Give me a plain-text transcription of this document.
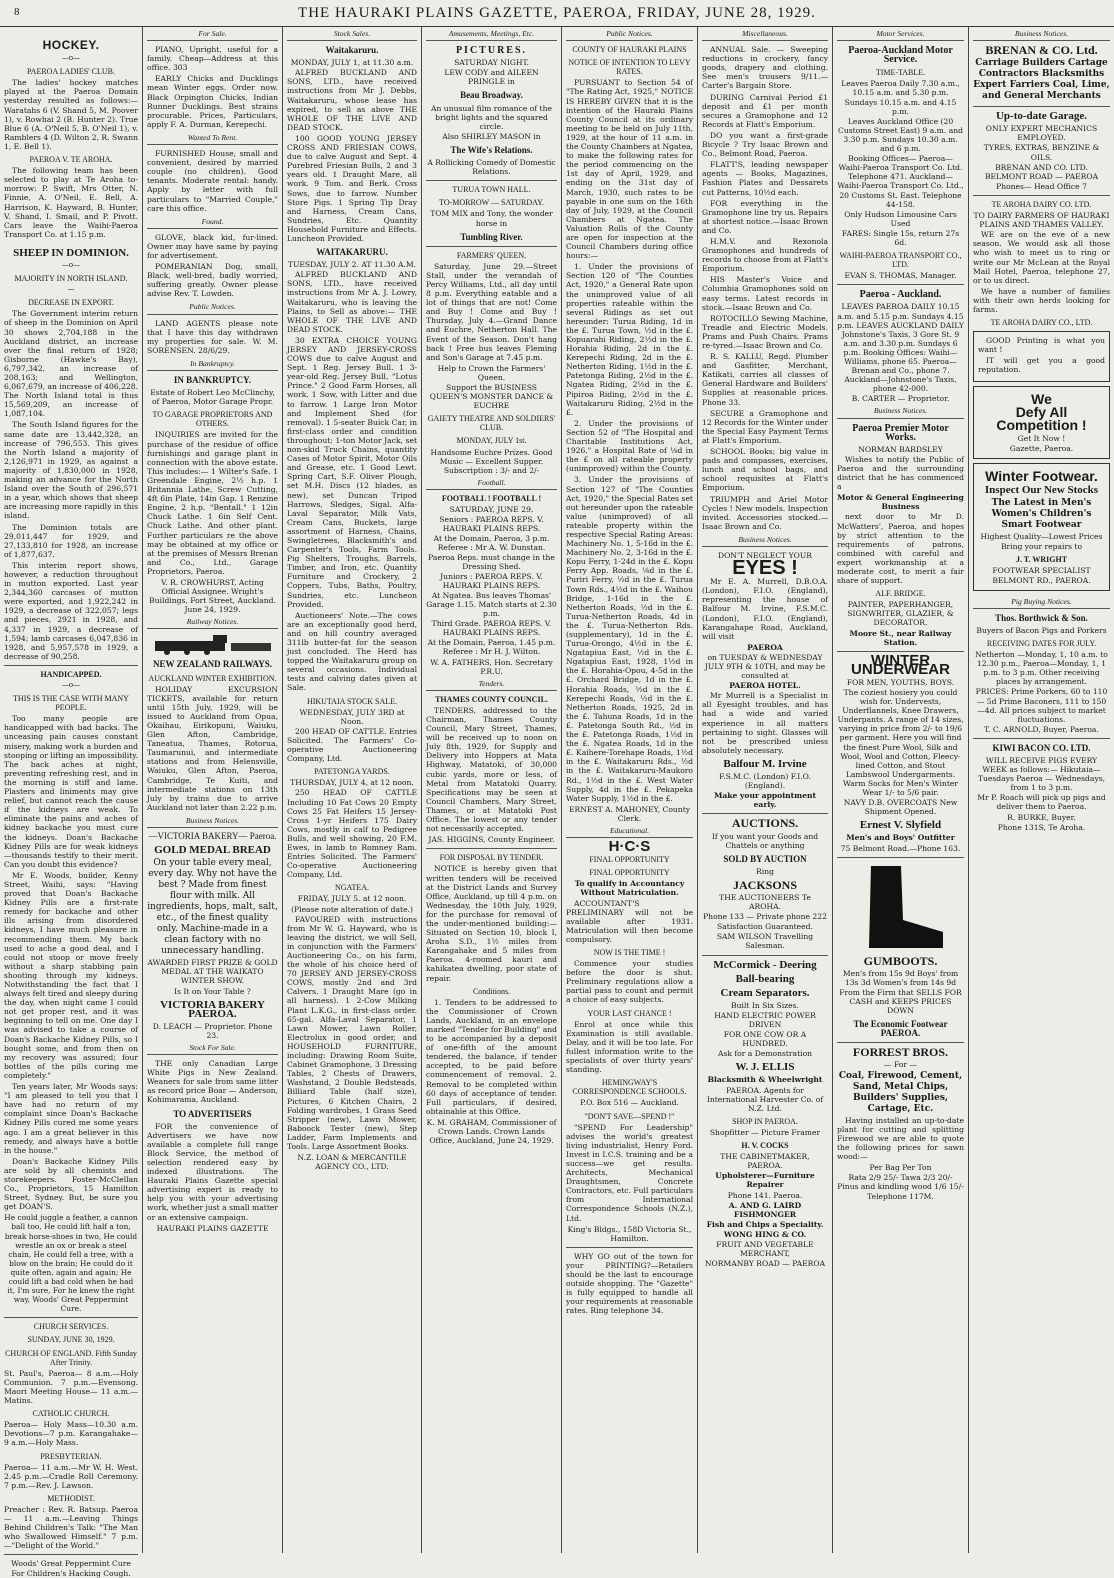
8	THE HAURAKI PLAINS GAZETTE, PAEROA, FRIDAY, JUNE 28, 1929.
HOCKEY.
—o—
PAEROA LADIES' CLUB.

The ladies' hockey matches played at the Paeroa Domain yesterday resulted as follows:— Waratahs 6 (V. Shand 5, M. Poover 1), v. Rowhai 2 (B. Hunter 2). True Blue 6 (A. O'Neil 5, B. O'Neil 1), v. Ramblers 4 (D. Wilton 2, R. Swann 1, E. Bell 1).

PAEROA V. TE AROHA.

The following team has been selected to play at Te Aroha to-morrow: P. Swift, Mrs Otter, N. Finnie, A. O'Neil, E. Bell, A. Harrison, K. Hayward, B. Hunter, V. Shand, I. Smail, and P. Pivott. Cars leave the Waihi-Paeroa Transport Co. at 1.15 p.m.

SHEEP IN DOMINION.
—o—
MAJORITY IN NORTH ISLAND.
—
DECREASE IN EXPORT.

The Government interim return of sheep in the Dominion on April 30 shows 2,704,188 in the Auckland district, an increase over the final return of 1928; Gisborne (Hawke's Bay), 6,797,342, an increase of 208,163; and Wellington, 6,067,679, an increase of 406,228. The North Island total is thus 15,569,209, an increase of 1,087,104.

The South Island figures for the same date are 13,442,328, an increase of 796,553. This gives the North Island a majority of 2,126,971 in 1929, as against a majority of 1,830,000 in 1928, making an advance for the North Island over the South of 296,571 in a year, which shows that sheep are increasing more rapidly in this island.

The Dominion totals are 29,011,447 for 1929, and 27,133,810 for 1928, an increase of 1,877,637.

This interim report shows, however, a reduction throughout in mutton exported. Last year 2,344,360 carcases of mutton were exported, and 1,922,242 in 1929, a decrease of 322,057; legs and pieces, 2921 in 1928, and 4,337 in 1929, a decrease of 1,594; lamb carcases 6,047,836 in 1928, and 5,957,578 in 1929, a decrease of 90,258.

HANDICAPPED.
—o—
THIS IS THE CASE WITH MANY PEOPLE.

Too many people are handicapped with bad backs. The unceasing pain causes constant misery, making work a burden and stooping or lifting an impossibility. The back aches at night, preventing refreshing rest, and in the morning is stiff and lame. Plasters and liniments may give relief, but cannot reach the cause if the kidneys are weak. To eliminate the pains and aches of kidney backache you must cure the kidneys. Doan's Backache Kidney Pills are for weak kidneys—thousands testify to their merit. Can you doubt this evidence?

Mr E. Woods, builder, Kenny Street, Waihi, says: "Having proved that Doan's Backache Kidney Pills are a first-rate remedy for backache and other ills arising from disordered kidneys, I have much pleasure in recommending them. My back used to ache a good deal, and I could not stoop or move freely without a sharp stabbing pain shooting through my kidneys. Notwithstanding the fact that I always felt tired and sleepy during the day, when night came I could not get proper rest, and it was beginning to tell on me. One day I was advised to take a course of Doan's Backache Kidney Pills, so I bought some, and from then on my recovery was assured; four bottles of the pills curing me completely."

Ten years later, Mr Woods says: "I am pleased to tell you that I have had no return of my complaint since Doan's Backache Kidney Pills cured me some years ago. I am a great believer in this remedy, and always have a bottle in the house."

Doan's Backache Kidney Pills are sold by all chemists and storekeepers. Foster-McClellan Co., Proprietors, 15 Hamilton Street, Sydney. But, be sure you get DOAN'S.

He could juggle a feather, a cannon ball too, He could lift half a ton, break horse-shoes in two, He could wrestle an ox or break a steel chain, He could fell a tree, with a blow on the brain; He could do it quite often, again and again; He could lift a bad cold when he had it, I'm sure, For he knew the right way, Woods' Great Peppermint Cure.

CHURCH SERVICES.
SUNDAY, JUNE 30, 1929.
CHURCH OF ENGLAND. Fifth Sunday After Trinity.

St. Paul's, Paeroa— 8 a.m.—Holy Communion. 7 p.m.—Evensong. Maori Meeting House— 11 a.m.—Matins.

CATHOLIC CHURCH.

Paeroa— Holy Mass—10.30 a.m. Devotions—7 p.m. Karangahake— 9 a.m.—Holy Mass.

PRESBYTERIAN.

Paeroa— 11 a.m.—Mr W. H. West. 2.45 p.m.—Cradle Roll Ceremony. 7 p.m.—Rev. J. Lawson.

METHODIST.

Preacher : Rev. R. Batsup. Paeroa— 11 a.m.—Leaving Things Behind Children's Talk: "The Man who Swallowed Himself." 7 p.m.—"Delight of the World."

Woods' Great Peppermint Cure For Children's Hacking Cough.

For Sale.

PIANO, Upright, useful for a family. Cheap—Address at this office. 303

EARLY Chicks and Ducklings mean Winter eggs. Order now. Black Orpington Chicks, Indian Runner Ducklings. Best strains procurable. Prices, Particulars, apply F. A. Durman, Kerepechi.

Wanted To Rent.

FURNISHED House, small and convenient, desired by married couple (no children). Good tenants. Moderate rental: handy. Apply by letter with full particulars to "Married Couple," care this office.

Found.

GLOVE, black kid, fur-lined. Owner may have same by paying for advertisement.

POMERANIAN Dog, small, Black, well-bred, badly worried, suffering greatly. Owner please advise Rev. T. Lowden.

Public Notices.

LAND AGENTS please note that I have this day withdrawn my properties for sale. W. M. SORENSEN. 28/6/29.

In Bankruptcy.
IN BANKRUPTCY.

Estate of Robert Leo McClinchy, of Paeroa, Motor Garage Propr.

TO GARAGE PROPRIETORS AND OTHERS.

INQUIRIES are invited for the purchase of the residue of office furnishings and garage plant in connection with the above estate. This includes:— 1 Wilter's Safe. 1 Greendale Engine, 2½ h.p. 1 Britannia Lathe, Screw Cutting, 4ft 6in Plate, 14in Gap. 1 Renzine Engine, 2 h.p. "Bentall." 1 12in Chuck Lathe. 1 6in Self Cent. Chuck Lathe. And other plant. Further particulars re the above may be obtained at my office or at the premises of Messrs Brenan and Co., Ltd., Garage Proprietors, Paeroa.

V. R. CROWHURST, Acting Official Assignee. Wright's Buildings, Fort Street, Auckland. June 24, 1929.

Railway Notices.
NEW ZEALAND RAILWAYS.
AUCKLAND WINTER EXHIBITION.

HOLIDAY EXCURSION TICKETS, available for return until 15th July, 1929, will be issued to Auckland from Opua, Okaihau, Eirikopuni, Waiuku, Glen Afton, Cambridge, Taneatua, Thames, Rotorua, Taumarunui, and intermediate stations and from Helensville, Waiuku, Glen Afton, Paeroa, Cambridge, Te Kuiti, and intermediate stations on 13th July by trains due to arrive Auckland not later than 2.22 p.m.

Business Notices.
—VICTORIA BAKERY— Paeroa.
GOLD MEDAL BREAD

On your table every meal, every day. Why not have the best ? Made from finest flour with milk. All ingredients, hops, malt, salt, etc., of the finest quality only. Machine-made in a clean factory with no unnecessary handling.

AWARDED FIRST PRIZE & GOLD MEDAL AT THE WAIKATO WINTER SHOW.

Is It on Your Table ?

VICTORIA BAKERY PAEROA.

D. LEACH — Proprietor. Phone 23.

Stock For Sale.

THE only Canadian Large White Pigs in New Zealand. Weaners for sale from same litter as record price Boar — Anderson, Kohimarama, Auckland.

TO ADVERTISERS

FOR the convenience of Advertisers we have now available a complete full range Block Service, the method of selection rendered easy by indexed illustrations. The Hauraki Plains Gazette special advertising expert is ready to help you with your advertising work, whether just a small matter or an extensive campaign.

HAURAKI PLAINS GAZETTE

Stock Sales.
Waitakaruru.

MONDAY, JULY 1, at 11.30 a.m.

ALFRED BUCKLAND AND SONS, LTD., have received instructions from Mr J. Debbs, Waitakaruru, whose lease has expired, to sell as above THE WHOLE OF THE LIVE AND DEAD STOCK.

100 GOOD YOUNG JERSEY CROSS AND FRIESIAN COWS, due to calve August and Sept. 4 Purebred Friesian Bulls, 2 and 3 years old. 1 Draught Mare, all work. 9 Tom. and Berk. Cross Sows, due to farrow. Number Store Pigs. 1 Spring Tip Dray and Harness, Cream Cans, Sundries, Etc. Quantity Household Furniture and Effects. Luncheon Provided.

WAITAKARURU.

TUESDAY, JULY 2. AT 11.30 A.M.

ALFRED BUCKLAND AND SONS, LTD., have received instructions from Mr A. J. Lowry, Waitakaruru, who is leaving the Plains, to Sell as above:— THE WHOLE OF THE LIVE AND DEAD STOCK.

30 EXTRA CHOICE YOUNG JERSEY AND JERSEY-CROSS COWS due to calve August and Sept. 1 Reg. Jersey Bull. 1 3-year-old Reg. Jersey Bull, "Lotus Prince." 2 Good Farm Horses, all work. 1 Sow, with Litter and due to farrow. 1 Large Iron Motor and Implement Shed (for removal). 1 5-seater Buick Car, in first-class order and condition throughout; 1-ton Motor Jack, set non-skid Truck Chains, quantity Cases of Motor Spirit, Motor Oils and Grease, etc. 1 Good Lewt. Spring Cart, S.F. Oliver Plough, set M.H. Discs (12 blades, as new), set Duncan Tripod Harrows, Sledges, Sigal. Alfa-Laval Separator, Milk Vats, Cream Cans, Buckets, large assortment of Harness, Chains, Swingletrees, Blacksmith's and Carpenter's Tools, Farm Tools. Pig Shelters, Troughs, Barrels, Timber, and Iron, etc. Quantity Furniture and Crockery, 2 Coppers, Tubs, Baths, Poultry, Sundries, etc. Luncheon Provided.

Auctioneers' Note.—The cows are an exceptionally good herd, and on hill country averaged 311lb butter-fat for the season just concluded. The Herd has topped the Waitakaruru group on several occasions. Individual tests and calving dates given at Sale.

HIKUTAIA STOCK SALE.

WEDNESDAY, JULY 3RD at Noon.

200 HEAD OF CATTLE. Entries Solicited. The Farmers' Co-operative Auctioneering Company, Ltd.

PATETONGA YARDS.

THURSDAY, JULY 4, at 12 noon.

250 HEAD OF CATTLE Including 10 Fat Cows 20 Empty Cows 25 Fat Heifers 15 Jersey-Cross 1-yr Heifers 175 Dairy Cows, mostly in calf to Pedigree Bulls, and well showing. 20 F.M. Ewes, in lamb to Romney Ram. Entries Solicited. The Farmers' Co-operative Auctioneering Company, Ltd.

NGATEA.

FRIDAY, JULY 5. at 12 noon.

(Please note alteration of date.)

FAVOURED with instructions from Mr W. G. Hayward, who is leaving the district, we will Sell, in conjunction with the Farmers' Auctioneering Co., on his farm, the whole of his choice herd of 70 JERSEY AND JERSEY-CROSS COWS, mostly 2nd and 3rd Calvers. 1 Draught Mare (go in all harness). 1 2-Cow Milking Plant L.K.G., in first-class order. 65-gal. Alfa-Laval Separator, 1 Lawn Mower, Lawn Roller, Electrolux in good order, and HOUSEHOLD FURNITURE, including: Drawing Room Suite, Cabinet Gramophone, 3 Dressing Tables, 2 Chests of Drawers, Washstand, 2 Double Bedsteads, Billiard Table (half size), Pictures, 6 Kitchen Chairs, 2 Folding wardrobes, 1 Grass Seed Stripper (new), Lawn Mower, Baboock Tester (new), Step Ladder, Farm Implements and Tools. Large Assortment Books.

N.Z. LOAN & MERCANTILE AGENCY CO., LTD.

Amusements, Meetings, Etc.
PICTURES.

SATURDAY NIGHT.

LEW CODY and AILEEN PRINGLE in

Beau Broadway.

An unusual film romance of the bright lights and the squared circle.

Also SHIRLEY MASON in

The Wife's Relations.

A Rollicking Comedy of Domestic Relations.

TURUA TOWN HALL.
TO-MORROW — SATURDAY.

TOM MIX and Tony, the wonder horse in

Tumbling River.
FARMERS' QUEEN.

Saturday, June 29.—Street Stall, under the verandah of Percy Williams, Ltd., all day until 8 p.m. Everything eatable and a lot of things that are not! Come and Buy ! Come and Buy ! Thursday, July 4.—Grand Dance and Euchre, Netherton Hall. The Event of the Season. Don't hang back ! Free bus leaves Fleming and Son's Garage at 7.45 p.m.

Help to Crown the Farmers' Queen.

Support the BUSINESS QUEEN'S MONSTER DANCE & EUCHRE

GAIETY THEATRE AND SOLDIERS' CLUB.
MONDAY, JULY 1st.

Handsome Euchre Prizes. Good Music — Excellent Supper. Subscription : 3/- and 2/-

Football.
FOOTBALL ! FOOTBALL !

SATURDAY, JUNE 29.

Seniors : PAEROA REPS. V. HAURAKI PLAINS REPS.

At the Domain, Paeroa, 3 p.m. Referee : Mr A. W. Dunstan. Paeroa Reps. must change in the Dressing Shed.

Juniors : PAEROA REPS. V. HAURAKI PLAINS REPS.

At Ngatea. Bus leaves Thomas' Garage 1.15. Match starts at 2.30 p.m.

Third Grade. PAEROA REPS. V. HAURAKI PLAINS REPS.

At the Domain, Paeroa, 1.45 p.m. Referee : Mr H. J. Wilton.

W. A. FATHERS, Hon. Secretary P.R.U.

Tenders.
THAMES COUNTY COUNCIL.

TENDERS, addressed to the Chairman, Thames County Council, Mary Street, Thames, will be received up to noon on July 8th, 1929, for Supply and Delivery into Hoppers at Mata Highway, Matatoki, of 30,000 cubic yards, more or less, of Metal from Matatoki Quarry. Specifications may be seen at Council Chambers, Mary Street, Thames, or at Matatoki Post Office. The lowest or any tender not necessarily accepted.

JAS. HIGGINS, County Engineer.

FOR DISPOSAL BY TENDER.

NOTICE is hereby given that written tenders will be received at the District Lands and Survey Office, Auckland, up till 4 p.m. on Wednesday, the 10th July, 1929, for the purchase for removal of the under-mentioned building:— Situated on Section 10, block I, Aroha S.D., 1½ miles from Karangahake and 5 miles from Paeroa. 4-roomed kauri and kahikatea dwelling, poor state of repair.

Conditions.

1. Tenders to be addressed to the Commissioner of Crown Lands, Auckland, in an envelope marked "Tender for Building" and to be accompanied by a deposit of one-fifth of the amount tendered, the balance, if tender accepted, to be paid before commencement of removal. 2. Removal to be completed within 60 days of acceptance of tender. Full particulars, if desired, obtainable at this Office.

K. M. GRAHAM, Commissioner of Crown Lands. Crown Lands Office, Auckland, June 24, 1929.

Public Notices.
COUNTY OF HAURAKI PLAINS
NOTICE OF INTENTION TO LEVY RATES.

PURSUANT to Section 54 of "The Rating Act, 1925," NOTICE IS HEREBY GIVEN that it is the intention of the Hauraki Plains County Council at its ordinary meeting to be held on July 11th, 1929, at the hour of 11 a.m. in the County Chambers at Ngatea, to make the following rates for the period commencing on the 1st day of April, 1929, and ending on the 31st day of March, 1930, such rates to be payable in one sum on the 16th day of July, 1929, at the Council Chambers at Ngatea. The Valuation Rolls of the County are open for inspection at the Council Chambers during office hours:—

1. Under the provisions of Section 120 of "The Counties Act, 1920," a General Rate upon the unimproved value of all properties rateable within the several Ridings as set out hereunder: Turua Riding, 1d in the £. Turua Town, ½d in the £. Kopuarahi Riding, 2½d in the £. Horahia Riding, 2d in the £. Kerepechi Riding, 2d in the £. Netherton Riding, 1½d in the £. Patetonga Riding, 2½d in the £. Ngatea Riding, 2½d in the £. Pipiroa Riding, 2½d in the £. Waitakaruru Riding, 2½d in the £.

2. Under the provisions of Section 52 of "The Hospital and Charitable Institutions Act, 1926," a Hospital Rate of ⅛d in the £ on all rateable property (unimproved) within the County.

3. Under the provisions of Section 127 of "The Counties Act, 1920," the Special Rates set out hereunder upon the rateable value (unimproved) of all rateable property within the respective Special Rating Areas: Machinery No. 1, 5-16d in the £. Machinery No. 2, 3-16d in the £. Kopu Ferry, 1-24d in the £. Kopu Ferry App. Roads, ⅛d in the £. Puriri Ferry, ½d in the £. Turua Town Rds., 4½d in the £. Waihou Bridge, 1-16d in the £. Netherton Roads, ½d in the £. Turua-Netherton Roads, 4d in the £. Turua-Netherton Rds. (supplementary), 1d in the £. Turua-Orongo, 4½d in the £. Ngatapiua East, ½d in the £. Ngatapiua East, 1928, 1½d in the £. Horahia-Opou, 4-5d in the £. Orchard Bridge, 1d in the £. Horahia Roads, ½d in the £. Kerepechi Roads, ½d in the £. Netherton Roads, 1925, 2d in the £. Tahuna Roads, 1d in the £. Patetonga South Rd., ½d in the £. Patetonga Roads, 1½d in the £. Ngatea Roads, 1d in the £. Kaihere-Torehape Roads, 1½d in the £. Waitakaruru Rds., ½d in the £. Waitakaruru-Maukoro Rd., 1½d in the £. West Water Supply, 4d in the £. Pekapeka Water Supply, 1½d in the £.

ERNEST A. MAHONEY, County Clerk.

Educational.
H·C·S
FINAL OPPORTUNITY
FINAL OPPORTUNITY

To qualify in Accountancy Without Matriculation.

ACCOUNTANT'S PRELIMINARY will not be available after 1931. Matriculation will then become compulsory.

NOW IS THE TIME !

Commence your studies before the door is shut. Preliminary regulations allow a partial pass to count and permit a choice of easy subjects.

YOUR LAST CHANCE !

Enrol at once while this Examination is still available. Delay, and it will be too late. For fullest information write to the specialists of over thirty years' standing.

HEMINGWAY'S CORRESPONDENCE SCHOOLS.

P.O. Box 516 — Auckland.

"DON'T SAVE—SPEND !"

"SPEND For Leadership" advises the world's greatest living industrialist, Henry Ford. Invest in I.C.S. training and be a success—we get results. Architects, Mechanical Draughtsmen, Concrete Contractors, etc. Full particulars from International Correspondence Schools (N.Z.), Ltd.

King's Bldgs., 158D Victoria St., Hamilton.

WHY GO out of the town for your PRINTING?—Retailers should be the last to encourage outside shopping. The "Gazette" is fully equipped to handle all your requirements at reasonable rates. Ring telephone 34.

Miscellaneous.

ANNUAL Sale. — Sweeping reductions in crockery, fancy goods, drapery and clothing. See men's trousers 9/11.—Carter's Bargain Store.

DURING Carnival Period £1 deposit and £1 per month secures a Gramophone and 12 Records at Flatt's Emporium.

DO you want a first-grade Bicycle ? Try Isaac Brown and Co., Belmont Road, Paeroa.

FLATT'S, leading newspaper agents — Books, Magazines, Fashion Plates and Dessarets cut Patterns, 10½d each.

FOR everything in the Gramophone line try us. Repairs at shortest notice.—Isaac Brown and Co.

H.M.V. and Rexonola Gramophones and hundreds of records to choose from at Flatt's Emporium.

HIS Master's Voice and Columbia Gramophones sold on easy terms. Latest records in stock.—Isaac Brown and Co.

ROTOCILLO Sewing Machine, Treadle and Electric Models. Prams and Push Chairs. Prams re-tyred.—Isaac Brown and Co.

R. S. KALLU, Regd. Plumber and Gasfitter, Merchant, Katikati, carries all classes of General Hardware and Builders' Supplies at reasonable prices. Phone 33.

SECURE a Gramophone and 12 Records for the Winter under the Special Easy Payment Terms at Flatt's Emporium.

SCHOOL Books; big value in pads and compasses, exercises, lunch and school bags, and school requisites at Flatt's Emporium.

TRIUMPH and Ariel Motor Cycles ! New models. Inspection invited. Accessories stocked.—Isaac Brown and Co.

Business Notices.

DON'T NEGLECT YOUR

EYES !

Mr E. A. Murrell, D.B.O.A. (London), F.I.O. (England), representing the house of Balfour M. Irvine, F.S.M.C. (London), F.I.O. (England), Karangahape Road, Auckland, will visit

PAEROA

on TUESDAY & WEDNESDAY JULY 9TH & 10TH, and may be consulted at

PAEROA HOTEL.

Mr Murrell is a Specialist in all Eyesight troubles, and has had a wide and varied experience in all matters pertaining to sight. Glasses will not be prescribed unless absolutely necessary.

Balfour M. Irvine

F.S.M.C. (London) F.I.O. (England).

Make your appointment early.

AUCTIONS.

If you want your Goods and Chattels or anything

SOLD BY AUCTION

Ring

JACKSONS

THE AUCTIONEERS Te AROHA.

Phone 133 — Private phone 222

Satisfaction Guaranteed.

SAM WILSON Travelling Salesman.

McCormick - Deering
Ball-bearing
Cream Separators.

Built In Six Sizes.

HAND ELECTRIC POWER DRIVEN

FOR ONE COW OR A HUNDRED.

Ask for a Demonstration

W. J. ELLIS

Blacksmith & Wheelwright

PAEROA. Agents for International Harvester Co. of N.Z. Ltd.

SHOP IN PAEROA.

Shopfitter — Picture Framer

H. V. COCKS

THE CABINETMAKER, PAEROA.

Upholsterer—Furniture Repairer

Phone 141. Paeroa.

A. AND G. LAIRD FISHMONGER

Fish and Chips a Speciality.

WONG HING & CO.

FRUIT AND VEGETABLE MERCHANT,

NORMANBY ROAD — PAEROA

Motor Services.
Paeroa-Auckland Motor Service.
TIME-TABLE.

Leaves Paeroa Daily 7.30 a.m., 10.15 a.m. and 5.30 p.m. Sundays 10.15 a.m. and 4.15 p.m.

Leaves Auckland Office (20 Customs Street East) 9 a.m. and 3.30 p.m. Sundays 10.30 a.m. and 6 p.m.

Booking Offices— Paeroa—Waihi-Paeroa Transport Co. Ltd. Telephone 471. Auckland—Waihi-Paeroa Transport Co. Ltd., 20 Customs St. East. Telephone 44-158.

Only Hudson Limousine Cars Used

FARES: Single 15s, return 27s 6d.

WAIHI-PAEROA TRANSPORT CO., LTD.

EVAN S. THOMAS, Manager.

Paeroa - Auckland.

LEAVES PAEROA DAILY 10.15 a.m. and 5.15 p.m. Sundays 4.15 p.m. LEAVES AUCKLAND DAILY Johnstone's Taxis, 3 Gore St. 9 a.m. and 3.30 p.m. Sundays 6 p.m. Booking Offices: Waihi—Williams, phone 65. Paeroa—Brenan and Co., phone 7. Auckland—Johnstone's Taxis, phone 42-000.

B. CARTER — Proprietor.

Business Notices.
Paeroa Premier Motor Works.

NORMAN BARDSLEY

Wishes to notify the Public of Paeroa and the surrounding district that he has commenced a

Motor & General Engineering Business

next door to Mr D. McWatters', Paeroa, and hopes by strict attention to the requirements of patrons, combined with careful and expert workmanship at a moderate cost, to merit a fair share of support.

ALF. BRIDGE.

PAINTER, PAPERHANGER, SIGNWRITER, GLAZIER, & DECORATOR.

Moore St., near Railway Station.

WINTER UNDERWEAR

FOR MEN, YOUTHS, BOYS.

The coziest hosiery you could wish for. Undervests, Underflannels, Knee Drawers, Underpants. A range of 14 sizes, varying in price from 2/- to 19/6 per garment. Here you will find the finest Pure Wool, Silk and Wool, Wool and Cotton, Fleecy-lined Cotton, and Stout Lambswool Undergarments. Warm Socks for Men's Winter Wear 1/- to 5/6 pair.

NAVY D.B. OVERCOATS New Shipment Opened.

Ernest V. Slyfield

Men's and Boys' Outfitter

75 Belmont Road.—Phone 163.

GUMBOOTS.

Men's from 15s 9d Boys' from 13s 3d Women's from 14s 9d

From the Firm that SELLS FOR CASH and KEEPS PRICES DOWN

The Economic Footwear PAEROA.
FORREST BROS.

— For —

Coal, Firewood, Cement, Sand, Metal Chips, Builders' Supplies, Cartage, Etc.

Having installed an up-to-date plant for cutting and splitting Firewood we are able to quote the following prices for sawn wood:—

Per Bag Per Ton

Rata 2/9 25/- Tawa 2/3 20/- Pinus and kindling wood 1/6 15/-

Telephone 117M.

Business Notices.
BRENAN & CO. Ltd.

Carriage Builders Cartage Contractors Blacksmiths Expert Farriers Coal, Lime, and General Merchants

Up-to-date Garage.

ONLY EXPERT MECHANICS EMPLOYED.

TYRES, EXTRAS, BENZINE & OILS.

BRENAN AND CO. LTD. BELMONT ROAD — PAEROA

Phones— Head Office 7

TE AROHA DAIRY CO. LTD.

TO DAIRY FARMERS OF HAURAKI PLAINS AND THAMES VALLEY.

WE are on the eve of a new season. We would ask all those who wish to meet us to ring or write our Mr McLean at the Royal Mail Hotel, Paeroa, telephone 27, or to us direct.

We have a number of families with their own herds looking for farms.

TE AROHA DAIRY CO., LTD.

GOOD Printing is what you want !

IT will get you a good reputation.

We
Defy All
Competition !

Get It Now !

Gazette, Paeroa.

Winter Footwear.
Inspect Our New Stocks

The Latest in Men's Women's Children's Smart Footwear

Highest Quality—Lowest Prices

Bring your repairs to

J. T. WRIGHT

FOOTWEAR SPECIALIST BELMONT RD., PAEROA.

Pig Buying Notices.
Thos. Borthwick & Son.

Buyers of Bacon Pigs and Porkers

RECEIVING DATES FOR JULY.

Netherton —Monday, 1, 10 a.m. to 12.30 p.m., Paeroa—Monday, 1, 1 p.m. to 3 p.m. Other receiving places by arrangement.

PRICES: Prime Porkers, 60 to 110 — 5d Prime Baconers, 111 to 150—4d. All prices subject to market fluctuations.

T. C. ARNOLD, Buyer, Paeroa.

KIWI BACON CO. LTD.

WILL RECEIVE PIGS EVERY WEEK as follows:— Hikutaia—Tuesdays Paeroa — Wednesdays, from 1 to 3 p.m.

Mr P. Roach will pick up pigs and deliver them to Paeroa.

R. BURKE, Buyer.

Phone 131S, Te Aroha.
